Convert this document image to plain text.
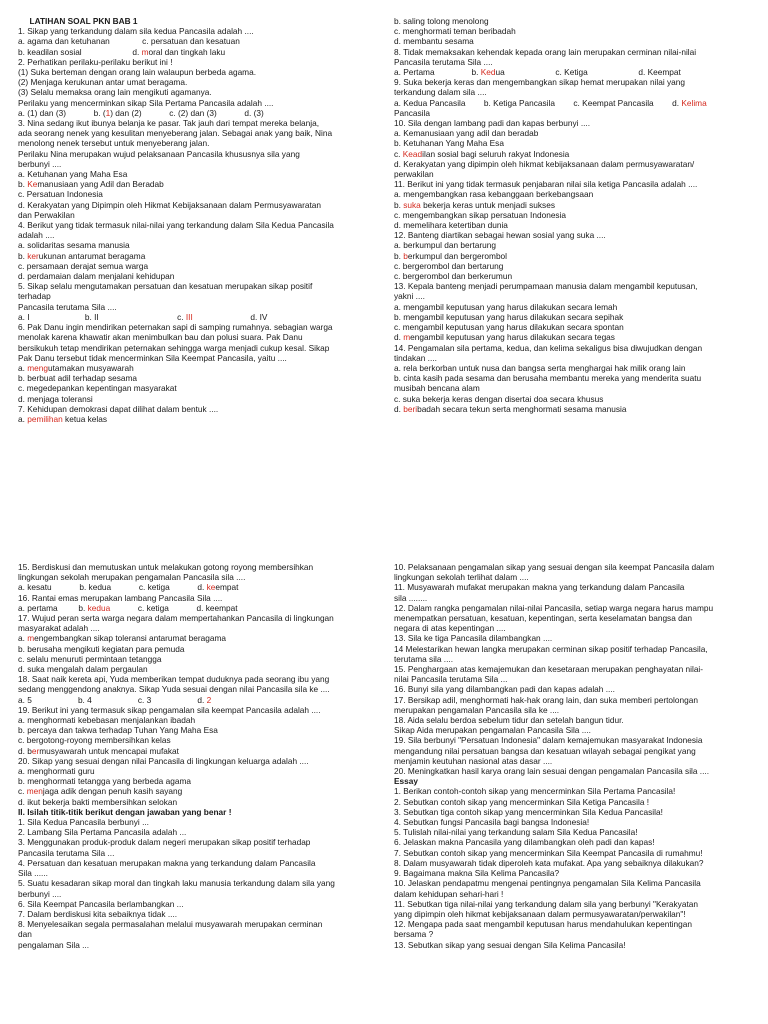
LATIHAN SOAL PKN BAB 1
1. Sikap yang terkandung dalam sila kedua Pancasila adalah ....
a. agama dan ketuhanan              c. persatuan dan kesatuan
b. keadilan sosial                      d. moral dan tingkah laku
2. Perhatikan perilaku-perilaku berikut ini !
(1) Suka berteman dengan orang lain walaupun berbeda agama.
(2) Menjaga kerukunan antar umat beragama.
(3) Selalu memaksa orang lain mengikuti agamanya.
Perilaku yang mencerminkan sikap Sila Pertama Pancasila adalah ....
a. (1) dan (3)            b. (1) dan (2)            c. (2) dan (3)            d. (3)
3. Nina sedang ikut ibunya belanja ke pasar. Tak jauh dari tempat mereka belanja,
ada seorang nenek yang kesulitan menyeberang jalan. Sebagai anak yang baik, Nina
menolong nenek tersebut untuk menyeberang jalan.
Perilaku Nina merupakan wujud pelaksanaan Pancasila khususnya sila yang
berbunyi ....
a. Ketuhanan yang Maha Esa
b. Kemanusiaan yang Adil dan Beradab
c. Persatuan Indonesia
d. Kerakyatan yang Dipimpin oleh Hikmat Kebijaksanaan dalam Permusyawaratan
dan Perwakilan
4. Berikut yang tidak termasuk nilai-nilai yang terkandung dalam Sila Kedua Pancasila
adalah ....
a. solidaritas sesama manusia
b. kerukunan antarumat beragama
c. persamaan derajat semua warga
d. perdamaian dalam menjalani kehidupan
5. Sikap selalu mengutamakan persatuan dan kesatuan merupakan sikap positif
terhadap
Pancasila terutama Sila ....
a. I                        b. II                                  c. III                         d. IV
6. Pak Danu ingin mendirikan peternakan sapi di samping rumahnya. sebagian warga
menolak karena khawatir akan menimbulkan bau dan polusi suara. Pak Danu
bersikukuh tetap mendirikan peternakan sehingga warga menjadi cukup kesal. Sikap
Pak Danu tersebut tidak mencerminkan Sila Keempat Pancasila, yaitu ....
a. mengutamakan musyawarah
b. berbuat adil terhadap sesama
c. megedepankan kepentingan masyarakat
d. menjaga toleransi
7. Kehidupan demokrasi dapat dilihat dalam bentuk ....
a. pemilihan ketua kelas
b. saling tolong menolong
c. menghormati teman beribadah
d. membantu sesama
8. Tidak memaksakan kehendak kepada orang lain merupakan cerminan nilai-nilai
Pancasila terutama Sila ....
a. Pertama                b. Kedua                      c. Ketiga                      d. Keempat
9. Suka bekerja keras dan mengembangkan sikap hemat merupakan nilai yang
terkandung dalam sila ....
a. Kedua Pancasila        b. Ketiga Pancasila        c. Keempat Pancasila        d. Kelima
Pancasila
10. Sila dengan lambang padi dan kapas berbunyi ....
a. Kemanusiaan yang adil dan beradab
b. Ketuhanan Yang Maha Esa
c. Keadilan sosial bagi seluruh rakyat Indonesia
d. Kerakyatan yang dipimpin oleh hikmat kebijaksanaan dalam permusyawaratan/
perwakilan
11. Berikut ini yang tidak termasuk penjabaran nilai sila ketiga Pancasila adalah ....
a. mengembangkan rasa kebanggaan berkebangsaan
b. suka bekerja keras untuk menjadi sukses
c. mengembangkan sikap persatuan Indonesia
d. memelihara ketertiban dunia
12. Banteng diartikan sebagai hewan sosial yang suka ....
a. berkumpul dan bertarung
b. berkumpul dan bergerombol
c. bergerombol dan bertarung
c. bergerombol dan berkerumun
13. Kepala banteng menjadi perumpamaan manusia dalam mengambil keputusan,
yakni ....
a. mengambil keputusan yang harus dilakukan secara lemah
b. mengambil keputusan yang harus dilakukan secara sepihak
c. mengambil keputusan yang harus dilakukan secara spontan
d. mengambil keputusan yang harus dilakukan secara tegas
14. Pengamalan sila pertama, kedua, dan kelima sekaligus bisa diwujudkan dengan
tindakan ....
a. rela berkorban untuk nusa dan bangsa serta menghargai hak milik orang lain
b. cinta kasih pada sesama dan berusaha membantu mereka yang menderita suatu
musibah bencana alam
c. suka bekerja keras dengan disertai doa secara khusus
d. beribadah secara tekun serta menghormati sesama manusia
15. Berdiskusi dan memutuskan untuk melakukan gotong royong membersihkan
lingkungan sekolah merupakan pengamalan Pancasila sila ....
a. kesatu            b. kedua            c. ketiga            d. keempat
16. Rantai emas merupakan lambang Pancasila Sila ....
a. pertama         b. kedua            c. ketiga            d. keempat
17. Wujud peran serta warga negara dalam mempertahankan Pancasila di lingkungan
masyarakat adalah ....
a. mengembangkan sikap toleransi antarumat beragama
b. berusaha mengikuti kegiatan para pemuda
c. selalu menuruti permintaan tetangga
d. suka mengalah dalam pergaulan
18. Saat naik kereta api, Yuda memberikan tempat duduknya pada seorang ibu yang
sedang menggendong anaknya. Sikap Yuda sesuai dengan nilai Pancasila sila ke ....
a. 5                    b. 4                    c. 3                    d. 2
19. Berikut ini yang termasuk sikap pengamalan sila keempat Pancasila adalah ....
a. menghormati kebebasan menjalankan ibadah
b. percaya dan takwa terhadap Tuhan Yang Maha Esa
c. bergotong-royong membersihkan kelas
d. bermusyawarah untuk mencapai mufakat
20. Sikap yang sesuai dengan nilai Pancasila di lingkungan keluarga adalah ....
a. menghormati guru
b. menghormati tetangga yang berbeda agama
c. menjaga adik dengan penuh kasih sayang
d. ikut bekerja bakti membersihkan selokan
II. Isilah titik-titik berikut dengan jawaban yang benar !
1. Sila Kedua Pancasila berbunyi ...
2. Lambang Sila Pertama Pancasila adalah ...
3. Menggunakan produk-produk dalam negeri merupakan sikap positif terhadap
Pancasila terutama Sila ...
4. Persatuan dan kesatuan merupakan makna yang terkandung dalam Pancasila
Sila ......
5. Suatu kesadaran sikap moral dan tingkah laku manusia terkandung dalam sila yang
berbunyi ....
6. Sila Keempat Pancasila berlambangkan ...
7. Dalam berdiskusi kita sebaiknya tidak ....
8. Menyelesaikan segala permasalahan melalui musyawarah merupakan cerminan
dan
pengalaman Sila ...
10. Pelaksanaan pengamalan sikap yang sesuai dengan sila keempat Pancasila dalam
lingkungan sekolah terlihat dalam ....
11. Musyawarah mufakat merupakan makna yang terkandung dalam Pancasila
sila ........
12. Dalam rangka pengamalan nilai-nilai Pancasila, setiap warga negara harus mampu
menempatkan persatuan, kesatuan, kepentingan, serta keselamatan bangsa dan
negara di atas kepentingan ....
13. Sila ke tiga Pancasila dilambangkan ....
14 Melestarikan hewan langka merupakan cerminan sikap positif terhadap Pancasila,
terutama sila ....
15. Penghargaan atas kemajemukan dan kesetaraan merupakan penghayatan nilai-
nilai Pancasila terutama Sila ...
16. Bunyi sila yang dilambangkan padi dan kapas adalah ....
17. Bersikap adil, menghormati hak-hak orang lain, dan suka memberi pertolongan
merupakan pengamalan Pancasila sila ke ....
18. Aida selalu berdoa sebelum tidur dan setelah bangun tidur.
Sikap Aida merupakan pengamalan Pancasila Sila ....
19. Sila berbunyi "Persatuan Indonesia" dalam kemajemukan masyarakat Indonesia
mengandung nilai persatuan bangsa dan kesatuan wilayah sebagai pengikat yang
menjamin keutuhan nasional atas dasar ....
20. Meningkatkan hasil karya orang lain sesuai dengan pengamalan Pancasila sila ....
Essay
1. Berikan contoh-contoh sikap yang mencerminkan Sila Pertama Pancasila!
2. Sebutkan contoh sikap yang mencerminkan Sila Ketiga Pancasila !
3. Sebutkan tiga contoh sikap yang mencerminkan Sila Kedua Pancasila!
4. Sebutkan fungsi Pancasila bagi bangsa Indonesia!
5. Tulislah nilai-nilai yang terkandung salam Sila Kedua Pancasila!
6. Jelaskan makna Pancasila yang dilambangkan oleh padi dan kapas!
7. Sebutkan contoh sikap yang mencerminkan Sila Keempat Pancasila di rumahmu!
8. Dalam musyawarah tidak diperoleh kata mufakat. Apa yang sebaiknya dilakukan?
9. Bagaimana makna Sila Kelima Pancasila?
10. Jelaskan pendapatmu mengenai pentingnya pengamalan Sila Kelima Pancasila
dalam kehidupan sehari-hari !
11. Sebutkan tiga nilai-nilai yang terkandung dalam sila yang berbunyi "Kerakyatan
yang dipimpin oleh hikmat kebijaksanaan dalam permusyawaratan/perwakilan"!
12. Mengapa pada saat mengambil keputusan harus mendahulukan kepentingan
bersama ?
13. Sebutkan sikap yang sesuai dengan Sila Kelima Pancasila!
